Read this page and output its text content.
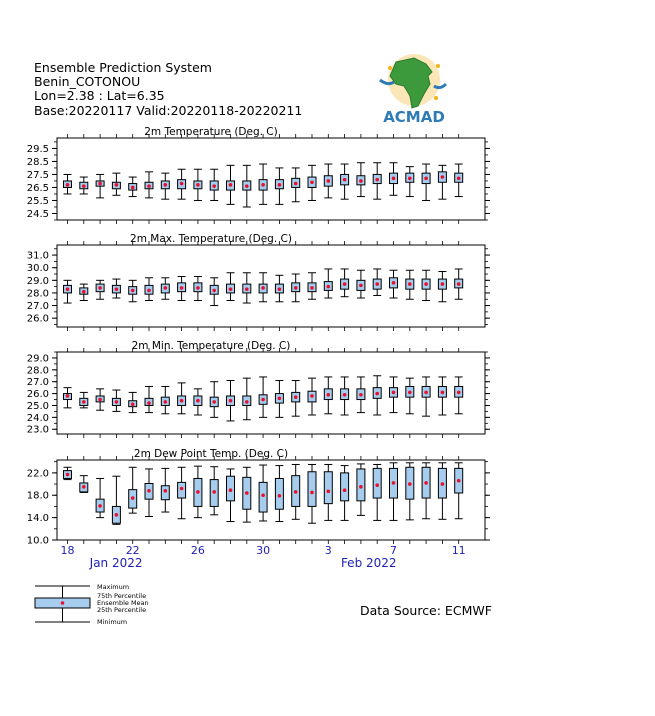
Ensemble Prediction System
Benin_COTONOU
Lon=2.38 : Lat=6.35
Base:20220117 Valid:20220118-20220211	ACMAD
2m Temperature (Deg. C)
29.5
28.5
27.5
26.5
25.5
24.5
2m Max. Temperature (Deg. C)
31.0
30.0
29.0
28.0
27.0
26.0
2m Min. Temperature (Deg. C)
29.0
28.0
27.0
26.0
25.0
24.0
23.0
2m Dew Point Temp. (Deg. C)
22.0
18.0
14.0
10.0
18	22	26	30	3	7	11
Jan 2022	Feb 2022
Maximum
75th Percentile
Ensemble Mean
25th Percentile
Minimum
Data Source: ECMWF
